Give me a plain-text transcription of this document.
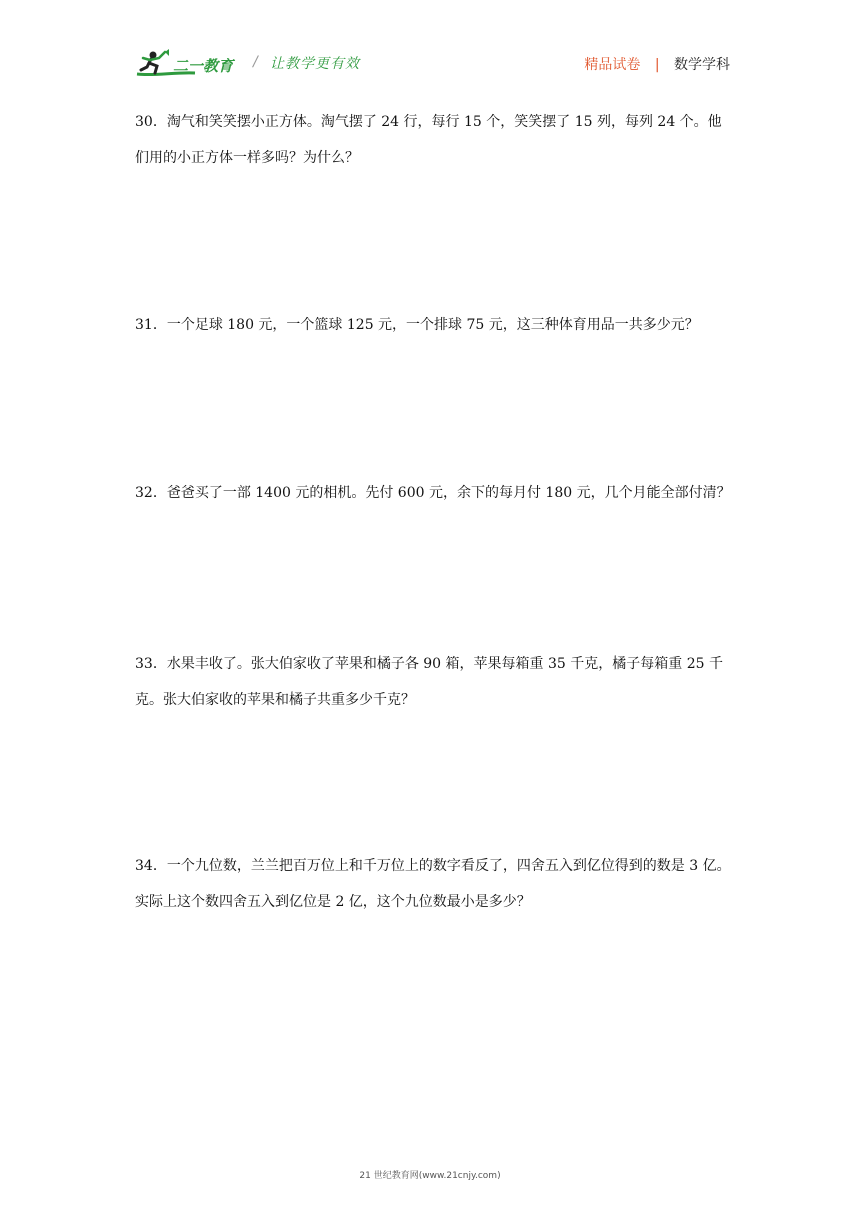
二一教育 / 让教学更有效	精品试卷 | 数学学科

30．淘气和笑笑摆小正方体。淘气摆了 24 行，每行 15 个，笑笑摆了 15 列，每列 24 个。他们用的小正方体一样多吗？为什么？

31．一个足球 180 元，一个篮球 125 元，一个排球 75 元，这三种体育用品一共多少元？

32．爸爸买了一部 1400 元的相机。先付 600 元，余下的每月付 180 元，几个月能全部付清？

33．水果丰收了。张大伯家收了苹果和橘子各 90 箱，苹果每箱重 35 千克，橘子每箱重 25 千克。张大伯家收的苹果和橘子共重多少千克？

34．一个九位数，兰兰把百万位上和千万位上的数字看反了，四舍五入到亿位得到的数是 3 亿。实际上这个数四舍五入到亿位是 2 亿，这个九位数最小是多少？

21 世纪教育网(www.21cnjy.com)
